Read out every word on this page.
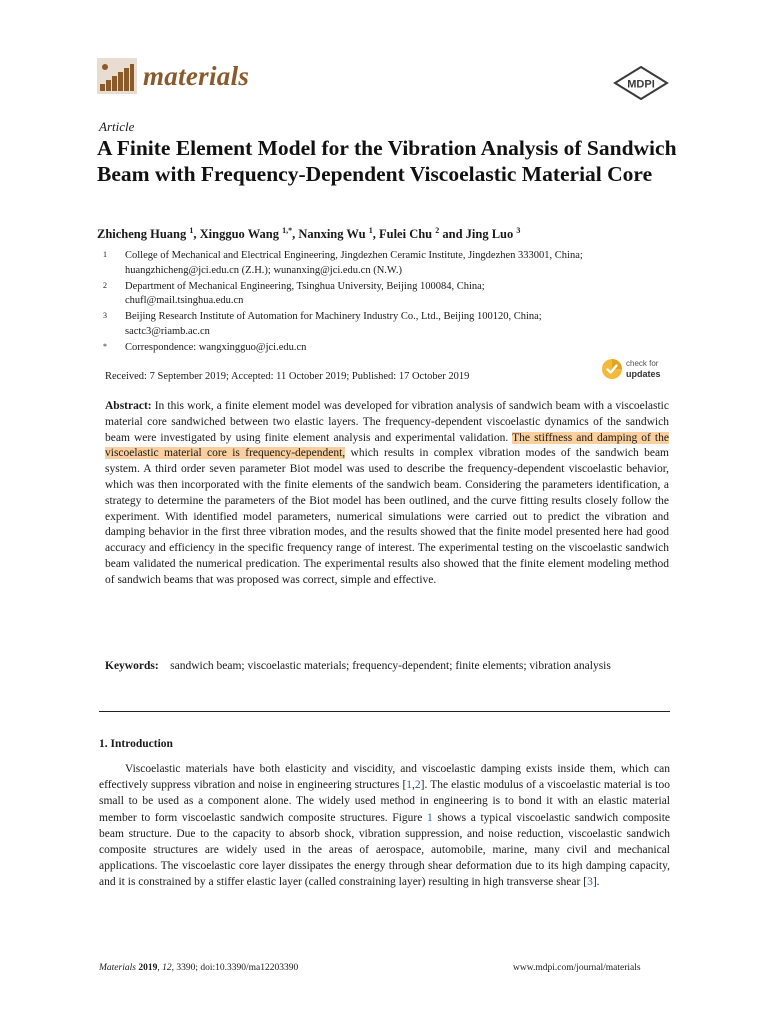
materials	MDPI
Article
A Finite Element Model for the Vibration Analysis of Sandwich Beam with Frequency-Dependent Viscoelastic Material Core
Zhicheng Huang $^1$, Xingguo Wang $^{1,*}$, Nanxing Wu $^1$, Fulei Chu $^2$ and Jing Luo $^3$
1	College of Mechanical and Electrical Engineering, Jingdezhen Ceramic Institute, Jingdezhen 333001, China;
huangzhicheng@jci.edu.cn (Z.H.); wunanxing@jci.edu.cn (N.W.)
2	Department of Mechanical Engineering, Tsinghua University, Beijing 100084, China;
chufl@mail.tsinghua.edu.cn
3	Beijing Research Institute of Automation for Machinery Industry Co., Ltd., Beijing 100120, China;
sactc3@riamb.ac.cn
*	Correspondence: wangxingguo@jci.edu.cn
Received: 7 September 2019; Accepted: 11 October 2019; Published: 17 October 2019
check for
updates

Abstract: In this work, a finite element model was developed for vibration analysis of sandwich beam with a viscoelastic material core sandwiched between two elastic layers. The frequency-dependent viscoelastic dynamics of the sandwich beam were investigated by using finite element analysis and experimental validation. The stiffness and damping of the viscoelastic material core is frequency-dependent, which results in complex vibration modes of the sandwich beam system. A third order seven parameter Biot model was used to describe the frequency-dependent viscoelastic behavior, which was then incorporated with the finite elements of the sandwich beam. Considering the parameters identification, a strategy to determine the parameters of the Biot model has been outlined, and the curve fitting results closely follow the experiment. With identified model parameters, numerical simulations were carried out to predict the vibration and damping behavior in the first three vibration modes, and the results showed that the finite model presented here had good accuracy and efficiency in the specific frequency range of interest. The experimental testing on the viscoelastic sandwich beam validated the numerical predication. The experimental results also showed that the finite element modeling method of sandwich beams that was proposed was correct, simple and effective.

Keywords: sandwich beam; viscoelastic materials; frequency-dependent; finite elements; vibration analysis

1. Introduction

Viscoelastic materials have both elasticity and viscidity, and viscoelastic damping exists inside them, which can effectively suppress vibration and noise in engineering structures [1,2]. The elastic modulus of a viscoelastic material is too small to be used as a component alone. The widely used method in engineering is to bond it with an elastic material member to form viscoelastic sandwich composite structures. Figure 1 shows a typical viscoelastic sandwich composite beam structure. Due to the capacity to absorb shock, vibration suppression, and noise reduction, viscoelastic sandwich composite structures are widely used in the areas of aerospace, automobile, marine, many civil and mechanical applications. The viscoelastic core layer dissipates the energy through shear deformation due to its high damping capacity, and it is constrained by a stiffer elastic layer (called constraining layer) resulting in high transverse shear [3].

Materials 2019, 12, 3390; doi:10.3390/ma12203390	www.mdpi.com/journal/materials
